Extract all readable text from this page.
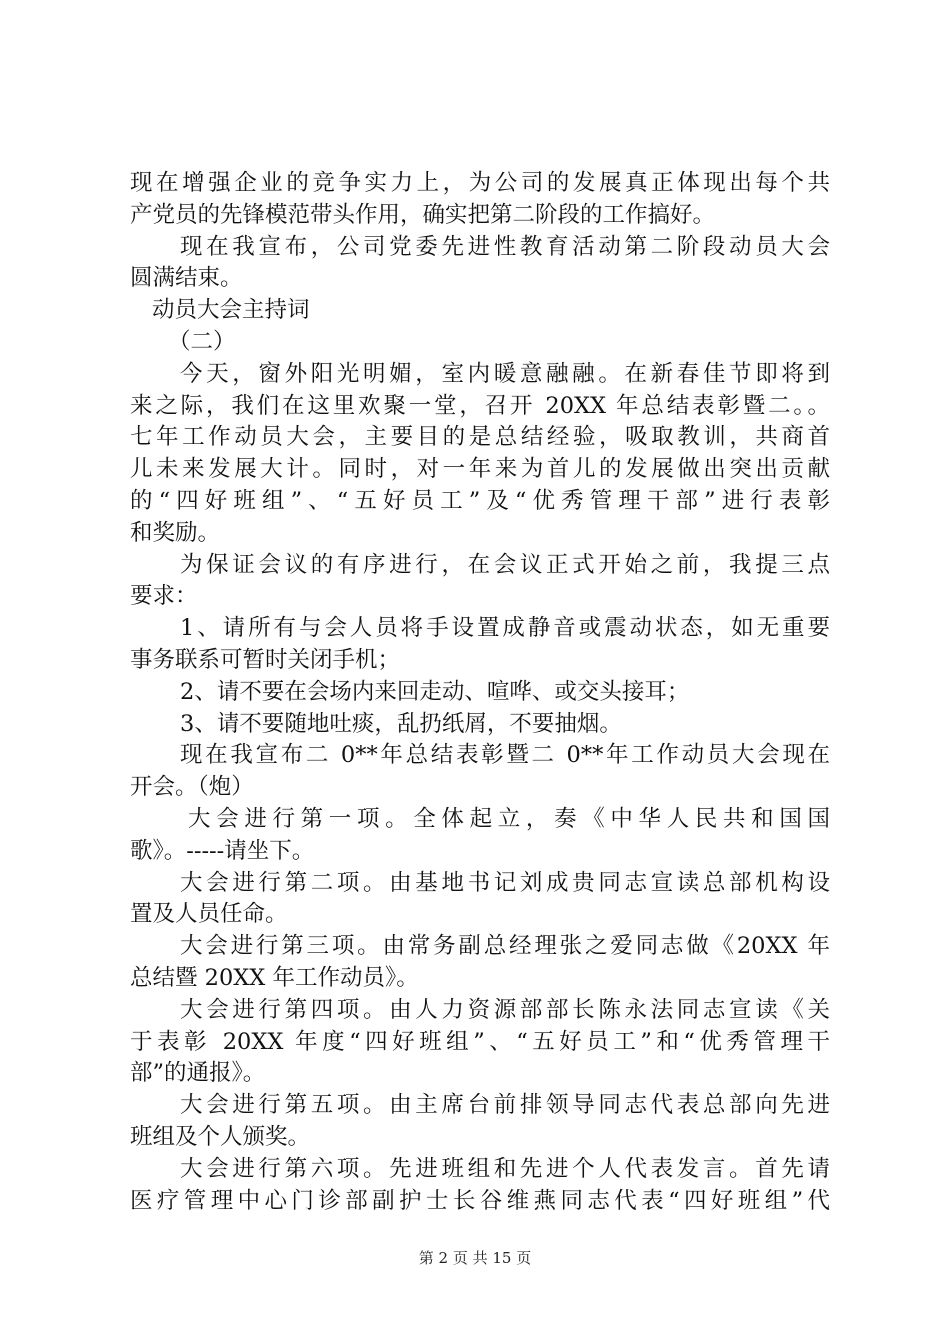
现在增强企业的竞争实力上，为公司的发展真正体现出每个共
产党员的先锋模范带头作用，确实把第二阶段的工作搞好。
现在我宣布，公司党委先进性教育活动第二阶段动员大会
圆满结束。
动员大会主持词
（二）
今天，窗外阳光明媚，室内暖意融融。在新春佳节即将到
来之际，我们在这里欢聚一堂，召开 20XX 年总结表彰暨二。。
七年工作动员大会，主要目的是总结经验，吸取教训，共商首
儿未来发展大计。同时，对一年来为首儿的发展做出突出贡献
的“四好班组”、“五好员工”及“优秀管理干部”进行表彰
和奖励。
为保证会议的有序进行，在会议正式开始之前，我提三点
要求：
1、请所有与会人员将手设置成静音或震动状态，如无重要
事务联系可暂时关闭手机；
2、请不要在会场内来回走动、喧哗、或交头接耳；
3、请不要随地吐痰，乱扔纸屑，不要抽烟。
现在我宣布二 0**年总结表彰暨二 0**年工作动员大会现在
开会。（炮）
大会进行第一项。全体起立，奏《中华人民共和国国
歌》。-----请坐下。
大会进行第二项。由基地书记刘成贵同志宣读总部机构设
置及人员任命。
大会进行第三项。由常务副总经理张之爱同志做《20XX 年
总结暨 20XX 年工作动员》。
大会进行第四项。由人力资源部部长陈永法同志宣读《关
于表彰 20XX 年度“四好班组”、“五好员工”和“优秀管理干
部”的通报》。
大会进行第五项。由主席台前排领导同志代表总部向先进
班组及个人颁奖。
大会进行第六项。先进班组和先进个人代表发言。首先请
医疗管理中心门诊部副护士长谷维燕同志代表“四好班组”代
第 2 页 共 15 页
